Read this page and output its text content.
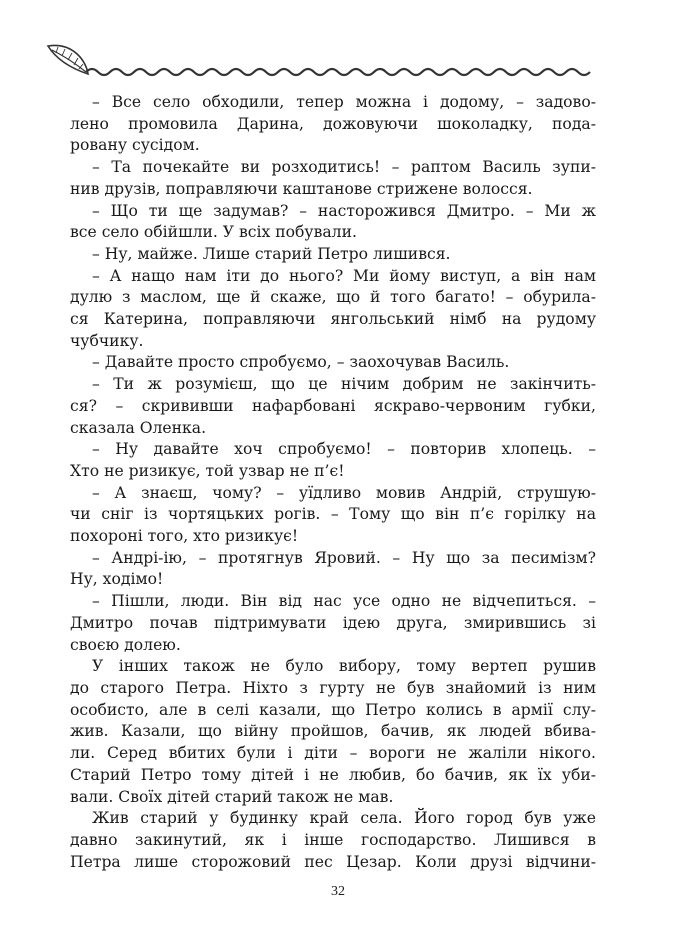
– Все село обходили, тепер можна і додому, – задово-
лено промовила Дарина, дожовуючи шоколадку, пода-
ровану сусідом.
– Та почекайте ви розходитись! – раптом Василь зупи-
нив друзів, поправляючи каштанове стрижене волосся.
– Що ти ще задумав? – насторожився Дмитро. – Ми ж
все село обійшли. У всіх побували.
– Ну, майже. Лише старий Петро лишився.
– А нащо нам іти до нього? Ми йому виступ, а він нам
дулю з маслом, ще й скаже, що й того багато! – обурила-
ся Катерина, поправляючи янгольський німб на рудому
чубчику.
– Давайте просто спробуємо, – заохочував Василь.
– Ти ж розумієш, що це нічим добрим не закінчить-
ся? – скрививши нафарбовані яскраво-червоним губки,
сказала Оленка.
– Ну давайте хоч спробуємо! – повторив хлопець. –
Хто не ризикує, той узвар не п’є!
– А знаєш, чому? – уїдливо мовив Андрій, струшую-
чи сніг із чортяцьких рогів. – Тому що він п’є горілку на
похороні того, хто ризикує!
– Андрі-ію, – протягнув Яровий. – Ну що за песимізм?
Ну, ходімо!
– Пішли, люди. Він від нас усе одно не відчепиться. –
Дмитро почав підтримувати ідею друга, змирившись зі
своєю долею.
У інших також не було вибору, тому вертеп рушив
до старого Петра. Ніхто з гурту не був знайомий із ним
особисто, але в селі казали, що Петро колись в армії слу-
жив. Казали, що війну пройшов, бачив, як людей вбива-
ли. Серед вбитих були і діти – вороги не жаліли нікого.
Старий Петро тому дітей і не любив, бо бачив, як їх уби-
вали. Своїх дітей старий також не мав.
Жив старий у будинку край села. Його город був уже
давно закинутий, як і інше господарство. Лишився в
Петра лише сторожовий пес Цезар. Коли друзі відчини-
32
